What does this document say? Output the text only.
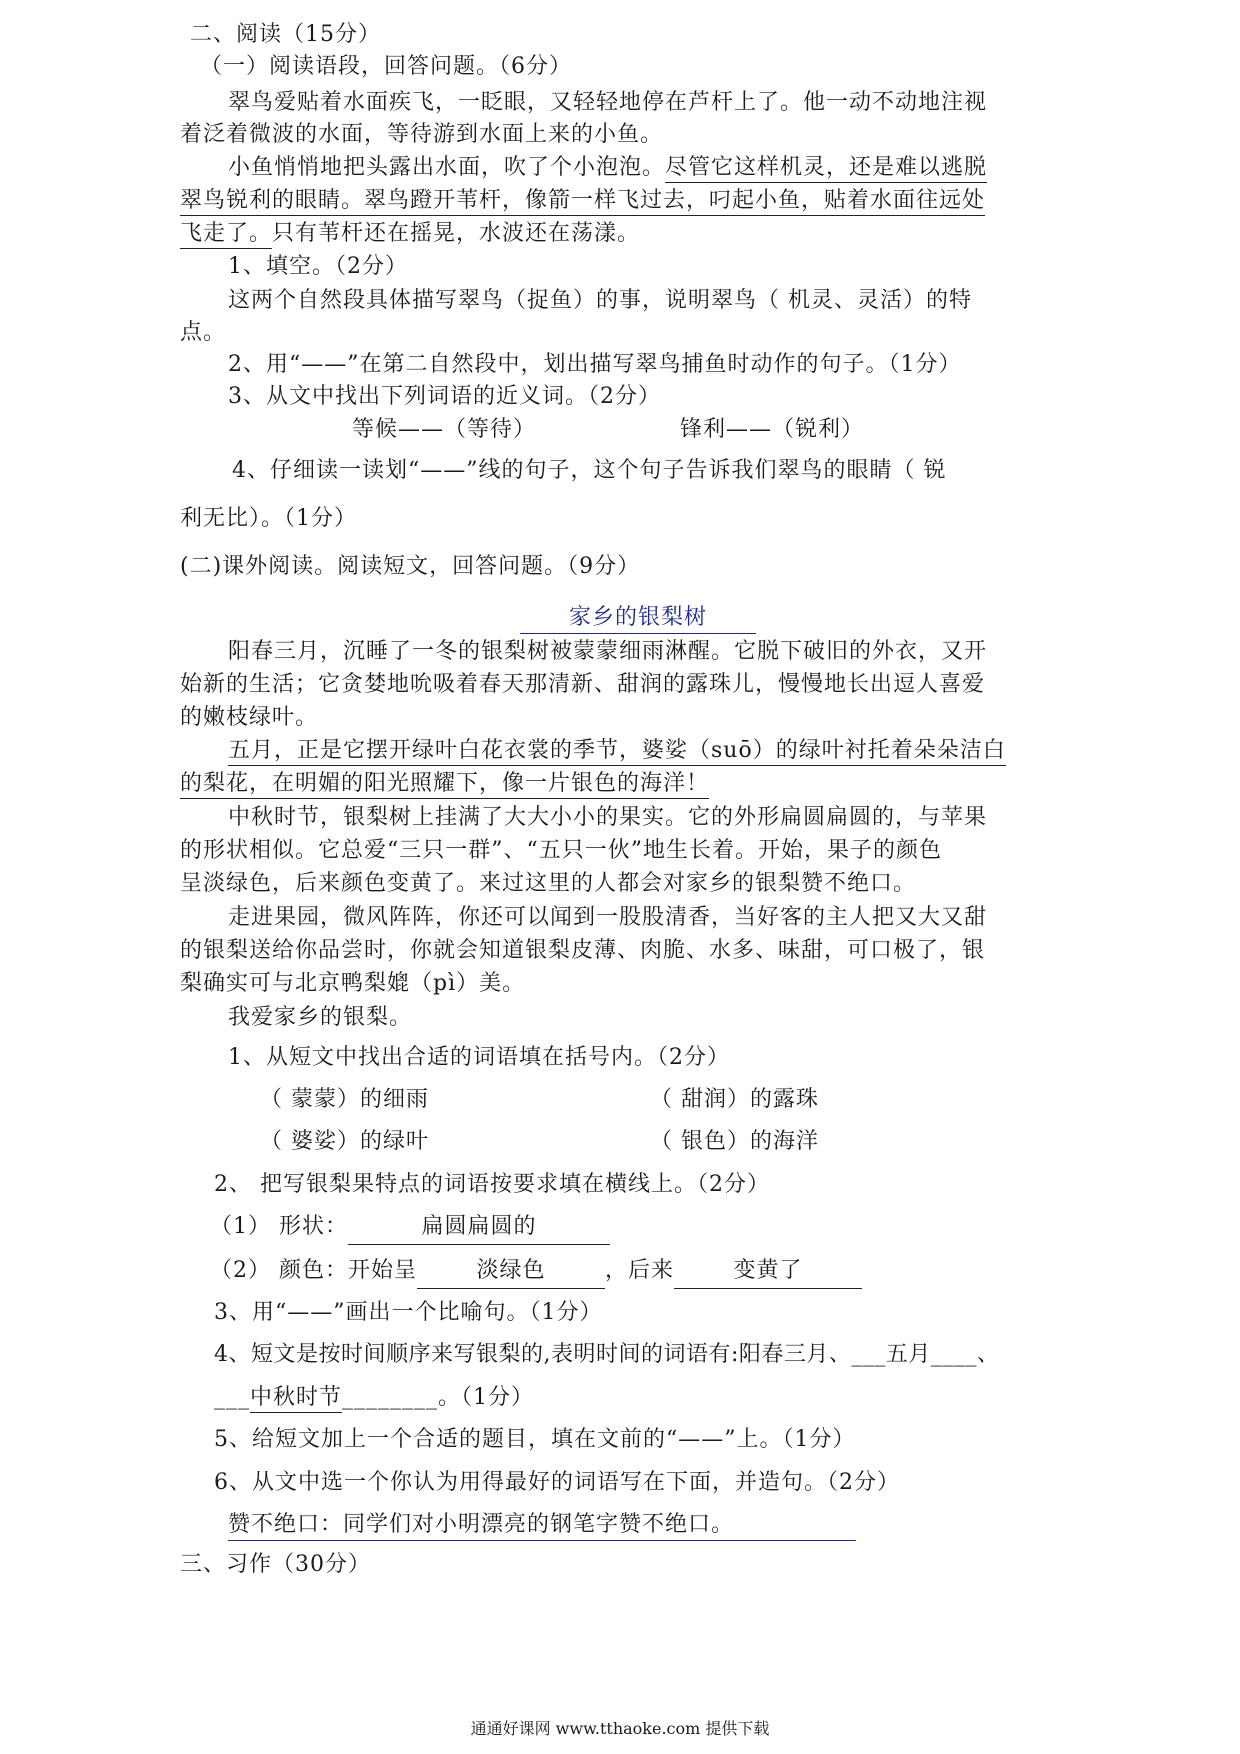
二、阅读（15分）
（一）阅读语段，回答问题。（6分）
翠鸟爱贴着水面疾飞，一眨眼，又轻轻地停在芦杆上了。他一动不动地注视
着泛着微波的水面，等待游到水面上来的小鱼。
小鱼悄悄地把头露出水面，吹了个小泡泡。尽管它这样机灵，还是难以逃脱
翠鸟锐利的眼睛。翠鸟蹬开苇杆，像箭一样飞过去，叼起小鱼，贴着水面往远处
飞走了。只有苇杆还在摇晃，水波还在荡漾。
1、填空。（2分）
这两个自然段具体描写翠鸟（捉鱼）的事，说明翠鸟（ 机灵、灵活）的特
点。
2、用“——”在第二自然段中，划出描写翠鸟捕鱼时动作的句子。（1分）
3、从文中找出下列词语的近义词。（2分）
等候——（等待）	锋利——（锐利）
4、仔细读一读划“——”线的句子，这个句子告诉我们翠鸟的眼睛（ 锐
利无比）。（1分）
(二)课外阅读。阅读短文，回答问题。（9分）
家乡的银梨树
阳春三月，沉睡了一冬的银梨树被蒙蒙细雨淋醒。它脱下破旧的外衣，又开
始新的生活；它贪婪地吮吸着春天那清新、甜润的露珠儿，慢慢地长出逗人喜爱
的嫩枝绿叶。
五月，正是它摆开绿叶白花衣裳的季节，婆娑（suō）的绿叶衬托着朵朵洁白
的梨花，在明媚的阳光照耀下，像一片银色的海洋！
中秋时节，银梨树上挂满了大大小小的果实。它的外形扁圆扁圆的，与苹果
的形状相似。它总爱“三只一群”、“五只一伙”地生长着。开始，果子的颜色
呈淡绿色，后来颜色变黄了。来过这里的人都会对家乡的银梨赞不绝口。
走进果园，微风阵阵，你还可以闻到一股股清香，当好客的主人把又大又甜
的银梨送给你品尝时，你就会知道银梨皮薄、肉脆、水多、味甜，可口极了，银
梨确实可与北京鸭梨媲（pì）美。
我爱家乡的银梨。
1、从短文中找出合适的词语填在括号内。（2分）
（ 蒙蒙）的细雨	（ 甜润）的露珠
（ 婆娑）的绿叶	（ 银色）的海洋
2、 把写银梨果特点的词语按要求填在横线上。（2分）
（1） 形状：	扁圆扁圆的
（2） 颜色：开始呈	淡绿色	，后来	变黄了
3、用“——”画出一个比喻句。（1分）
4、短文是按时间顺序来写银梨的,表明时间的词语有:阳春三月、___五月____、
___中秋时节________。（1分）
5、给短文加上一个合适的题目，填在文前的“——”上。（1分）
6、从文中选一个你认为用得最好的词语写在下面，并造句。（2分）
赞不绝口：同学们对小明漂亮的钢笔字赞不绝口。
三、习作（30分）
通通好课网 www.tthaoke.com 提供下载
